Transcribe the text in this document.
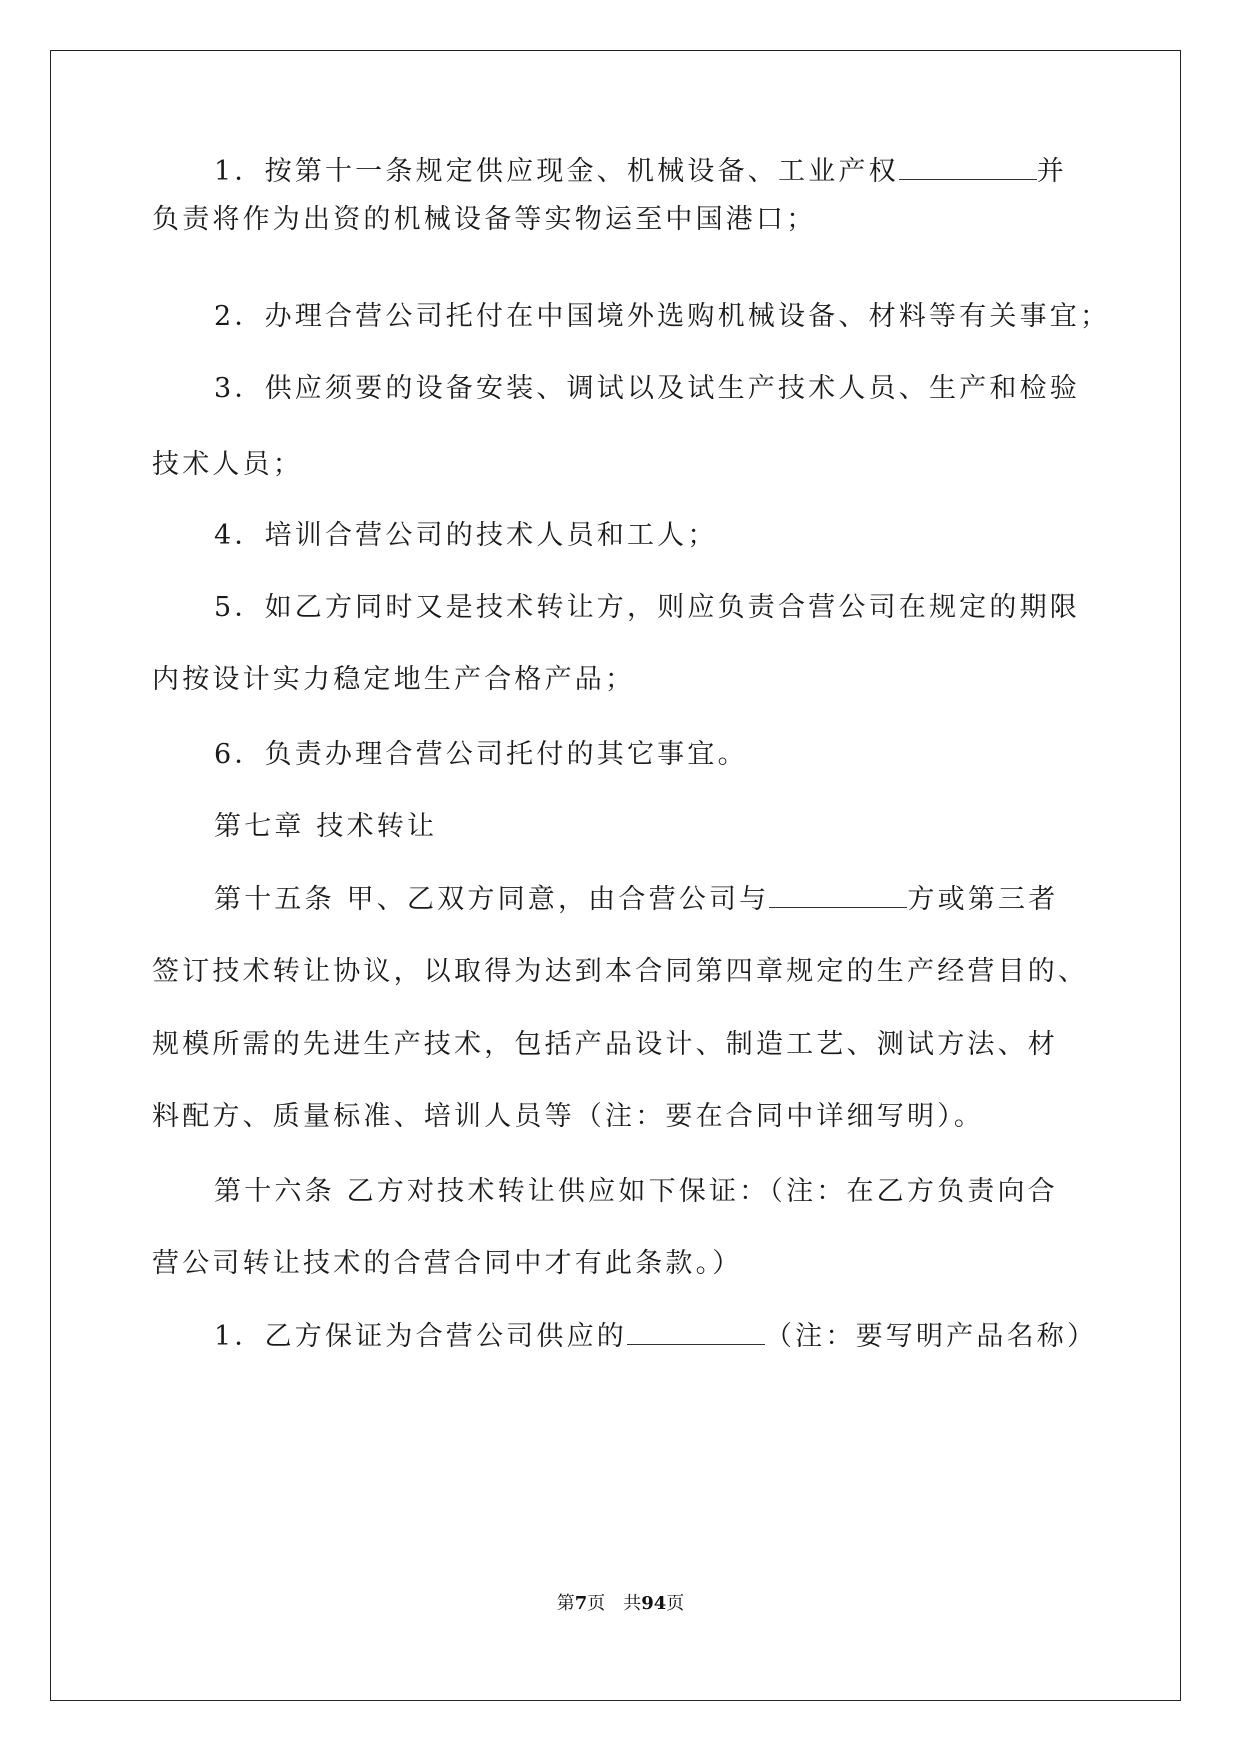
1．按第十一条规定供应现金、机械设备、工业产权	并
负责将作为出资的机械设备等实物运至中国港口；
2．办理合营公司托付在中国境外选购机械设备、材料等有关事宜；
3．供应须要的设备安装、调试以及试生产技术人员、生产和检验
技术人员；
4．培训合营公司的技术人员和工人；
5．如乙方同时又是技术转让方，则应负责合营公司在规定的期限
内按设计实力稳定地生产合格产品；
6．负责办理合营公司托付的其它事宜。
第七章 技术转让
第十五条 甲、乙双方同意，由合营公司与	方或第三者
签订技术转让协议，以取得为达到本合同第四章规定的生产经营目的、
规模所需的先进生产技术，包括产品设计、制造工艺、测试方法、材
料配方、质量标准、培训人员等（注：要在合同中详细写明）。
第十六条 乙方对技术转让供应如下保证：（注：在乙方负责向合
营公司转让技术的合营合同中才有此条款。）
1．乙方保证为合营公司供应的	（注：要写明产品名称）
第7页　共94页
